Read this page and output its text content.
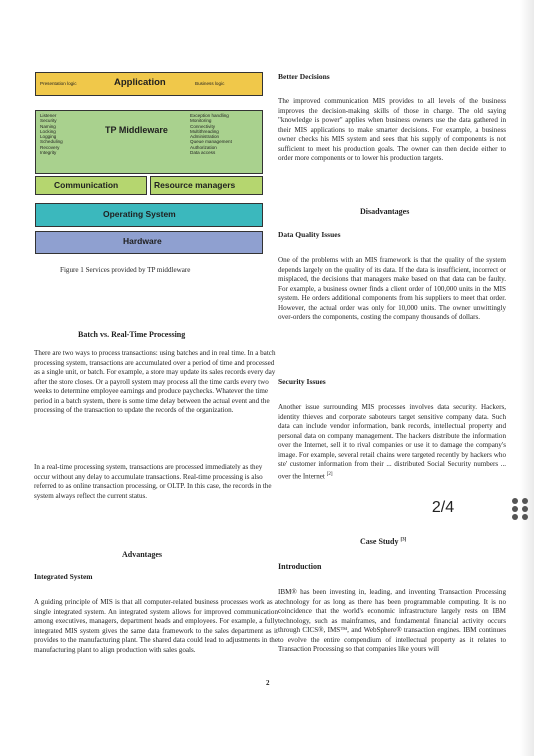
Presentation logic	Application	Business logic
Listener
Security
Naming
Locking
Logging
Scheduling
Recovery
Integrity
TP Middleware
Exception handling
Monitoring
Connectivity
Multithreading
Administration
Queue management
Authorization
Data access
Communication	Resource managers
Operating System
Hardware
Figure 1 Services provided by TP middleware
Batch vs. Real-Time Processing
There are two ways to process transactions: using batches and in real time. In a batch processing system, transactions are accumulated over a period of time and processed as a single unit, or batch. For example, a store may update its sales records every day after the store closes. Or a payroll system may process all the time cards every two weeks to determine employee earnings and produce paychecks. Whatever the time period in a batch system, there is some time delay between the actual event and the processing of the transaction to update the records of the organization.
In a real-time processing system, transactions are processed immediately as they occur without any delay to accumulate transactions. Real-time processing is also referred to as online transaction processing, or OLTP. In this case, the records in the system always reflect the current status.
Advantages
Integrated System
A guiding principle of MIS is that all computer-related business processes work as a single integrated system. An integrated system allows for improved communication among executives, managers, department heads and employees. For example, a fully integrated MIS system gives the same data framework to the sales department as it provides to the manufacturing plant. The shared data could lead to adjustments in the manufacturing plant to align production with sales goals.
Better Decisions
The improved communication MIS provides to all levels of the business improves the decision-making skills of those in charge. The old saying "knowledge is power" applies when business owners use the data gathered in their MIS applications to make smarter decisions. For example, a business owner checks his MIS system and sees that his supply of components is not sufficient to meet his production goals. The owner can then decide either to order more components or to lower his production targets.
Disadvantages
Data Quality Issues
One of the problems with an MIS framework is that the quality of the system depends largely on the quality of its data. If the data is insufficient, incorrect or misplaced, the decisions that managers make based on that data can be faulty. For example, a business owner finds a client order of 100,000 units in the MIS system. He orders additional components from his suppliers to meet that order. However, the actual order was only for 10,000 units. The owner unwittingly over-orders the components, costing the company thousands of dollars.
Security Issues
Another issue surrounding MIS processes involves data security. Hackers, identity thieves and corporate saboteurs target sensitive company data. Such data can include vendor information, bank records, intellectual property and personal data on company management. The hackers distribute the information over the Internet, sell it to rival companies or use it to damage the company's image. For example, several retail chains were targeted recently by hackers who ste' customer information from their ... distributed Social Security numbers ... over the Internet [2]
Case Study [3]
Introduction
IBM® has been investing in, leading, and inventing Transaction Processing technology for as long as there has been programmable computing. It is no coincidence that the world's economic infrastructure largely rests on IBM technology, such as mainframes, and fundamental financial activity occurs through CICS®, IMS™, and WebSphere® transaction engines. IBM continues to evolve the entire compendium of intellectual property as it relates to Transaction Processing so that companies like yours will
2
2/4
